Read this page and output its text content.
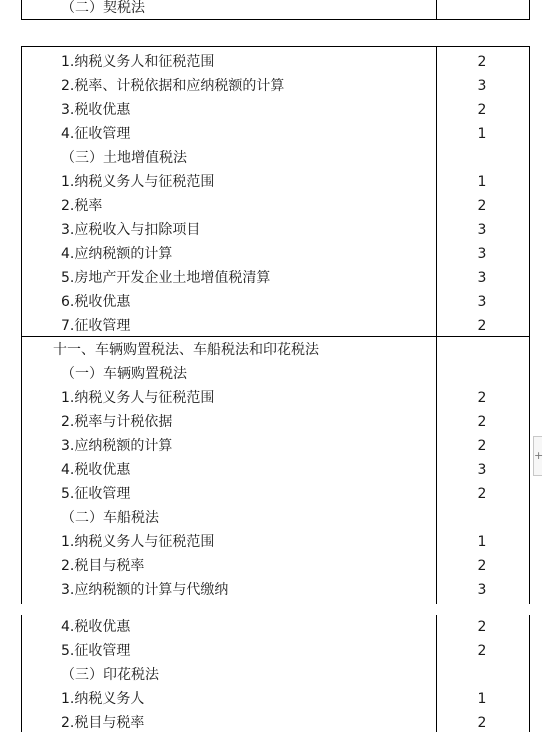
（二）契税法
1.纳税义务人和征税范围	2
2.税率、计税依据和应纳税额的计算	3
3.税收优惠	2
4.征收管理	1
（三）土地增值税法
1.纳税义务人与征税范围	1
2.税率	2
3.应税收入与扣除项目	3
4.应纳税额的计算	3
5.房地产开发企业土地增值税清算	3
6.税收优惠	3
7.征收管理	2
十一、车辆购置税法、车船税法和印花税法
（一）车辆购置税法
1.纳税义务人与征税范围	2
2.税率与计税依据	2
3.应纳税额的计算	2
4.税收优惠	3
5.征收管理	2
（二）车船税法
1.纳税义务人与征税范围	1
2.税目与税率	2
3.应纳税额的计算与代缴纳	3
4.税收优惠	2
5.征收管理	2
（三）印花税法
1.纳税义务人	1
2.税目与税率	2
+
